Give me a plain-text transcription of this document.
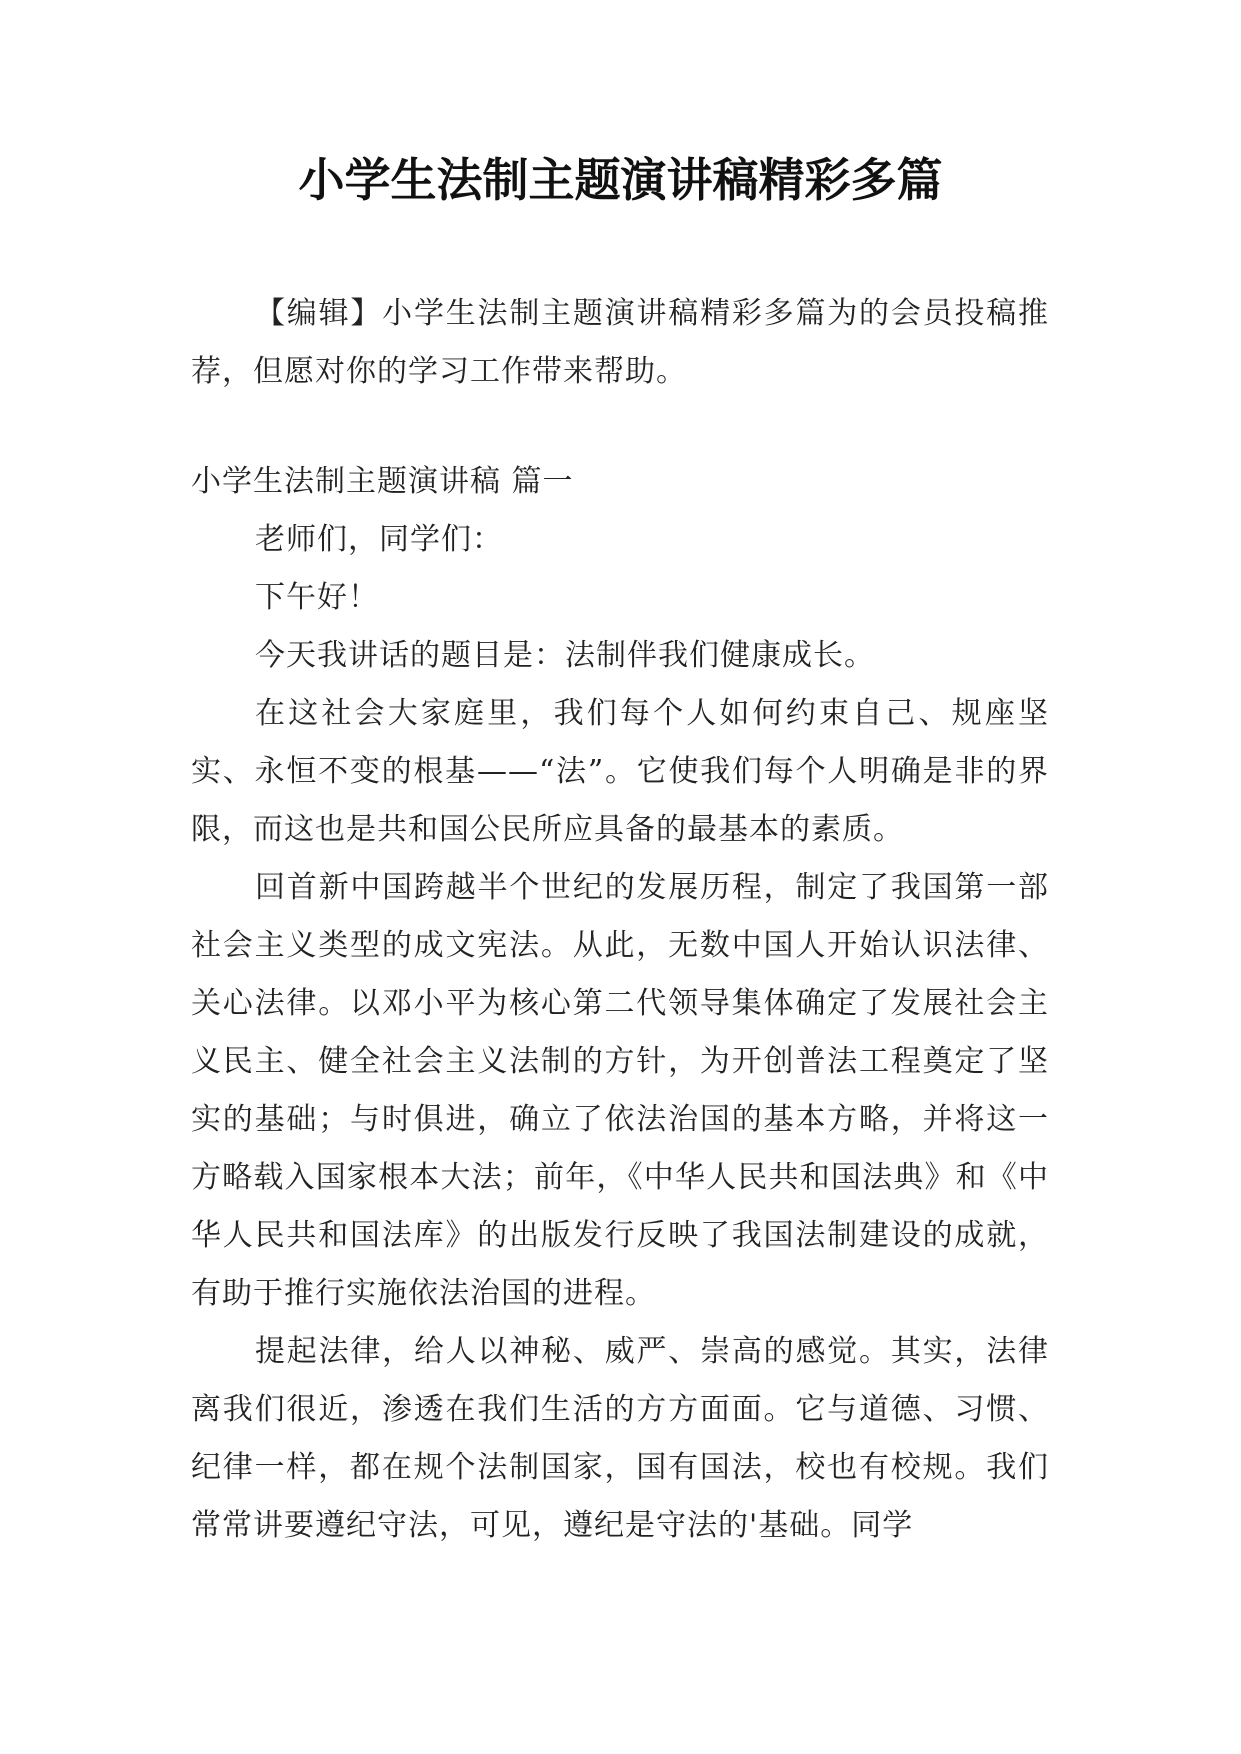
小学生法制主题演讲稿精彩多篇

【编辑】小学生法制主题演讲稿精彩多篇为的会员投稿推荐，但愿对你的学习工作带来帮助。

小学生法制主题演讲稿 篇一

老师们，同学们：

下午好！

今天我讲话的题目是：法制伴我们健康成长。

在这社会大家庭里，我们每个人如何约束自己、规座坚实、永恒不变的根基——“法”。它使我们每个人明确是非的界限，而这也是共和国公民所应具备的最基本的素质。

回首新中国跨越半个世纪的发展历程，制定了我国第一部社会主义类型的成文宪法。从此，无数中国人开始认识法律、关心法律。以邓小平为核心第二代领导集体确定了发展社会主义民主、健全社会主义法制的方针，为开创普法工程奠定了坚实的基础；与时俱进，确立了依法治国的基本方略，并将这一方略载入国家根本大法；前年，《中华人民共和国法典》和《中华人民共和国法库》的出版发行反映了我国法制建设的成就，有助于推行实施依法治国的进程。

提起法律，给人以神秘、威严、崇高的感觉。其实，法律离我们很近，渗透在我们生活的方方面面。它与道德、习惯、纪律一样，都在规个法制国家，国有国法，校也有校规。我们常常讲要遵纪守法，可见，遵纪是守法的'基础。同学
